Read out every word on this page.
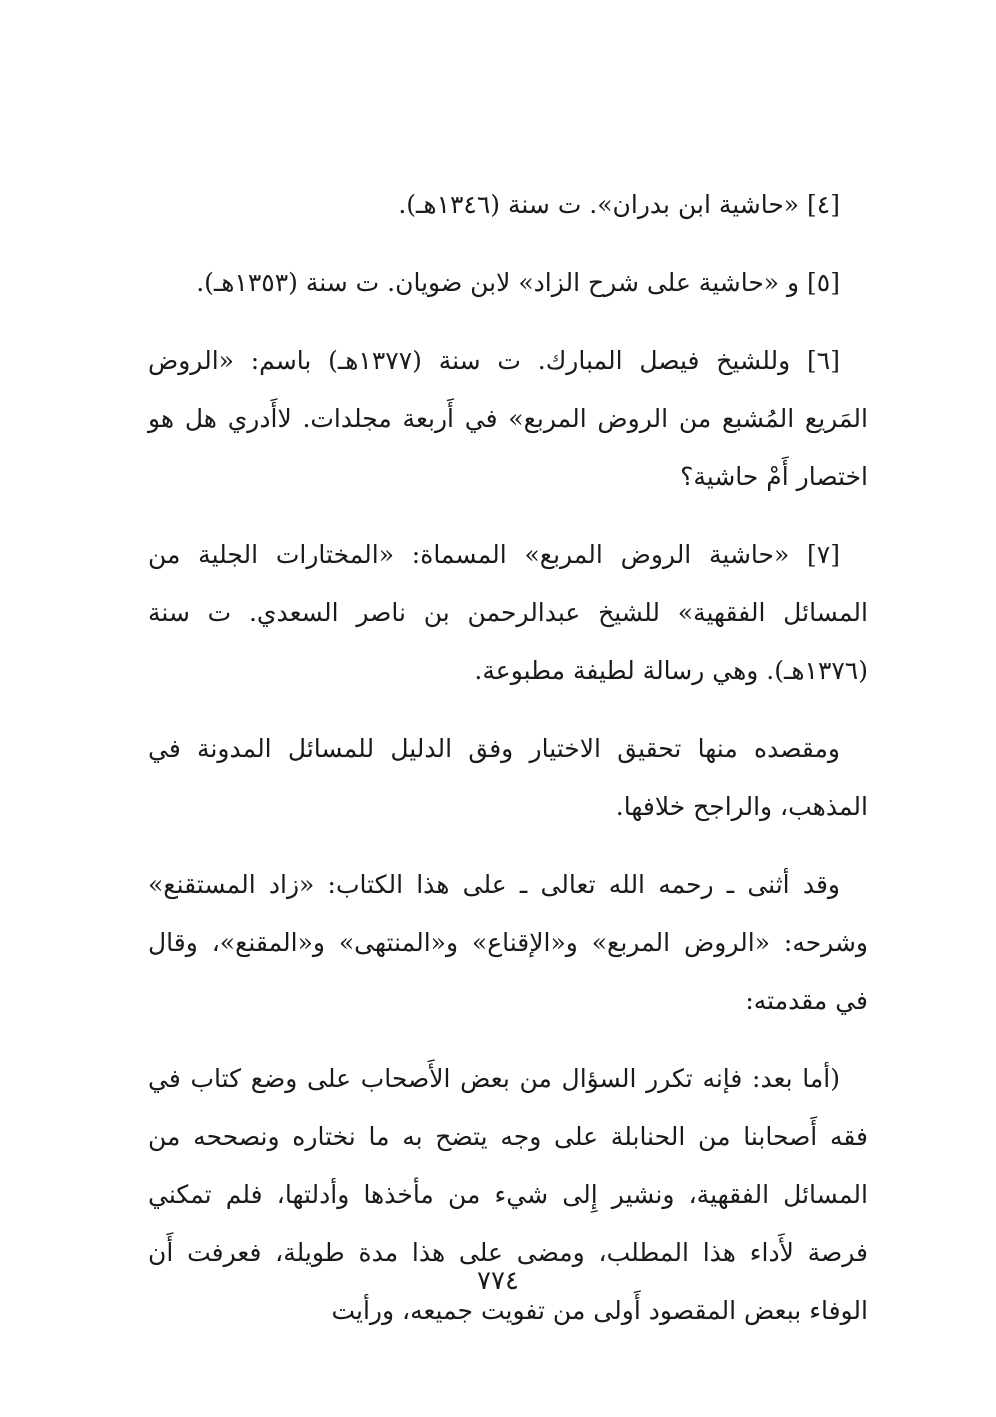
[٤] «حاشية ابن بدران». ت سنة (١٣٤٦هـ).

[٥] و «حاشية على شرح الزاد» لابن ضويان. ت سنة (١٣٥٣هـ).

[٦] وللشيخ فيصل المبارك. ت سنة (١٣٧٧هـ) باسم: «الروض المَريع المُشبع من الروض المربع» في أَربعة مجلدات. لاأَدري هل هو اختصار أَمْ حاشية؟

[٧] «حاشية الروض المربع» المسماة: «المختارات الجلية من المسائل الفقهية» للشيخ عبدالرحمن بن ناصر السعدي. ت سنة (١٣٧٦هـ). وهي رسالة لطيفة مطبوعة.

ومقصده منها تحقيق الاختيار وفق الدليل للمسائل المدونة في المذهب، والراجح خلافها.

وقد أثنى ـ رحمه الله تعالى ـ على هذا الكتاب: «زاد المستقنع» وشرحه: «الروض المربع» و«الإقناع» و«المنتهى» و«المقنع»، وقال في مقدمته:

(أما بعد: فإنه تكرر السؤال من بعض الأَصحاب على وضع كتاب في فقه أَصحابنا من الحنابلة على وجه يتضح به ما نختاره ونصححه من المسائل الفقهية، ونشير إِلى شيء من مأخذها وأدلتها، فلم تمكني فرصة لأَداء هذا المطلب، ومضى على هذا مدة طويلة، فعرفت أَن الوفاء ببعض المقصود أَولى من تفويت جميعه، ورأيت

٧٧٤
